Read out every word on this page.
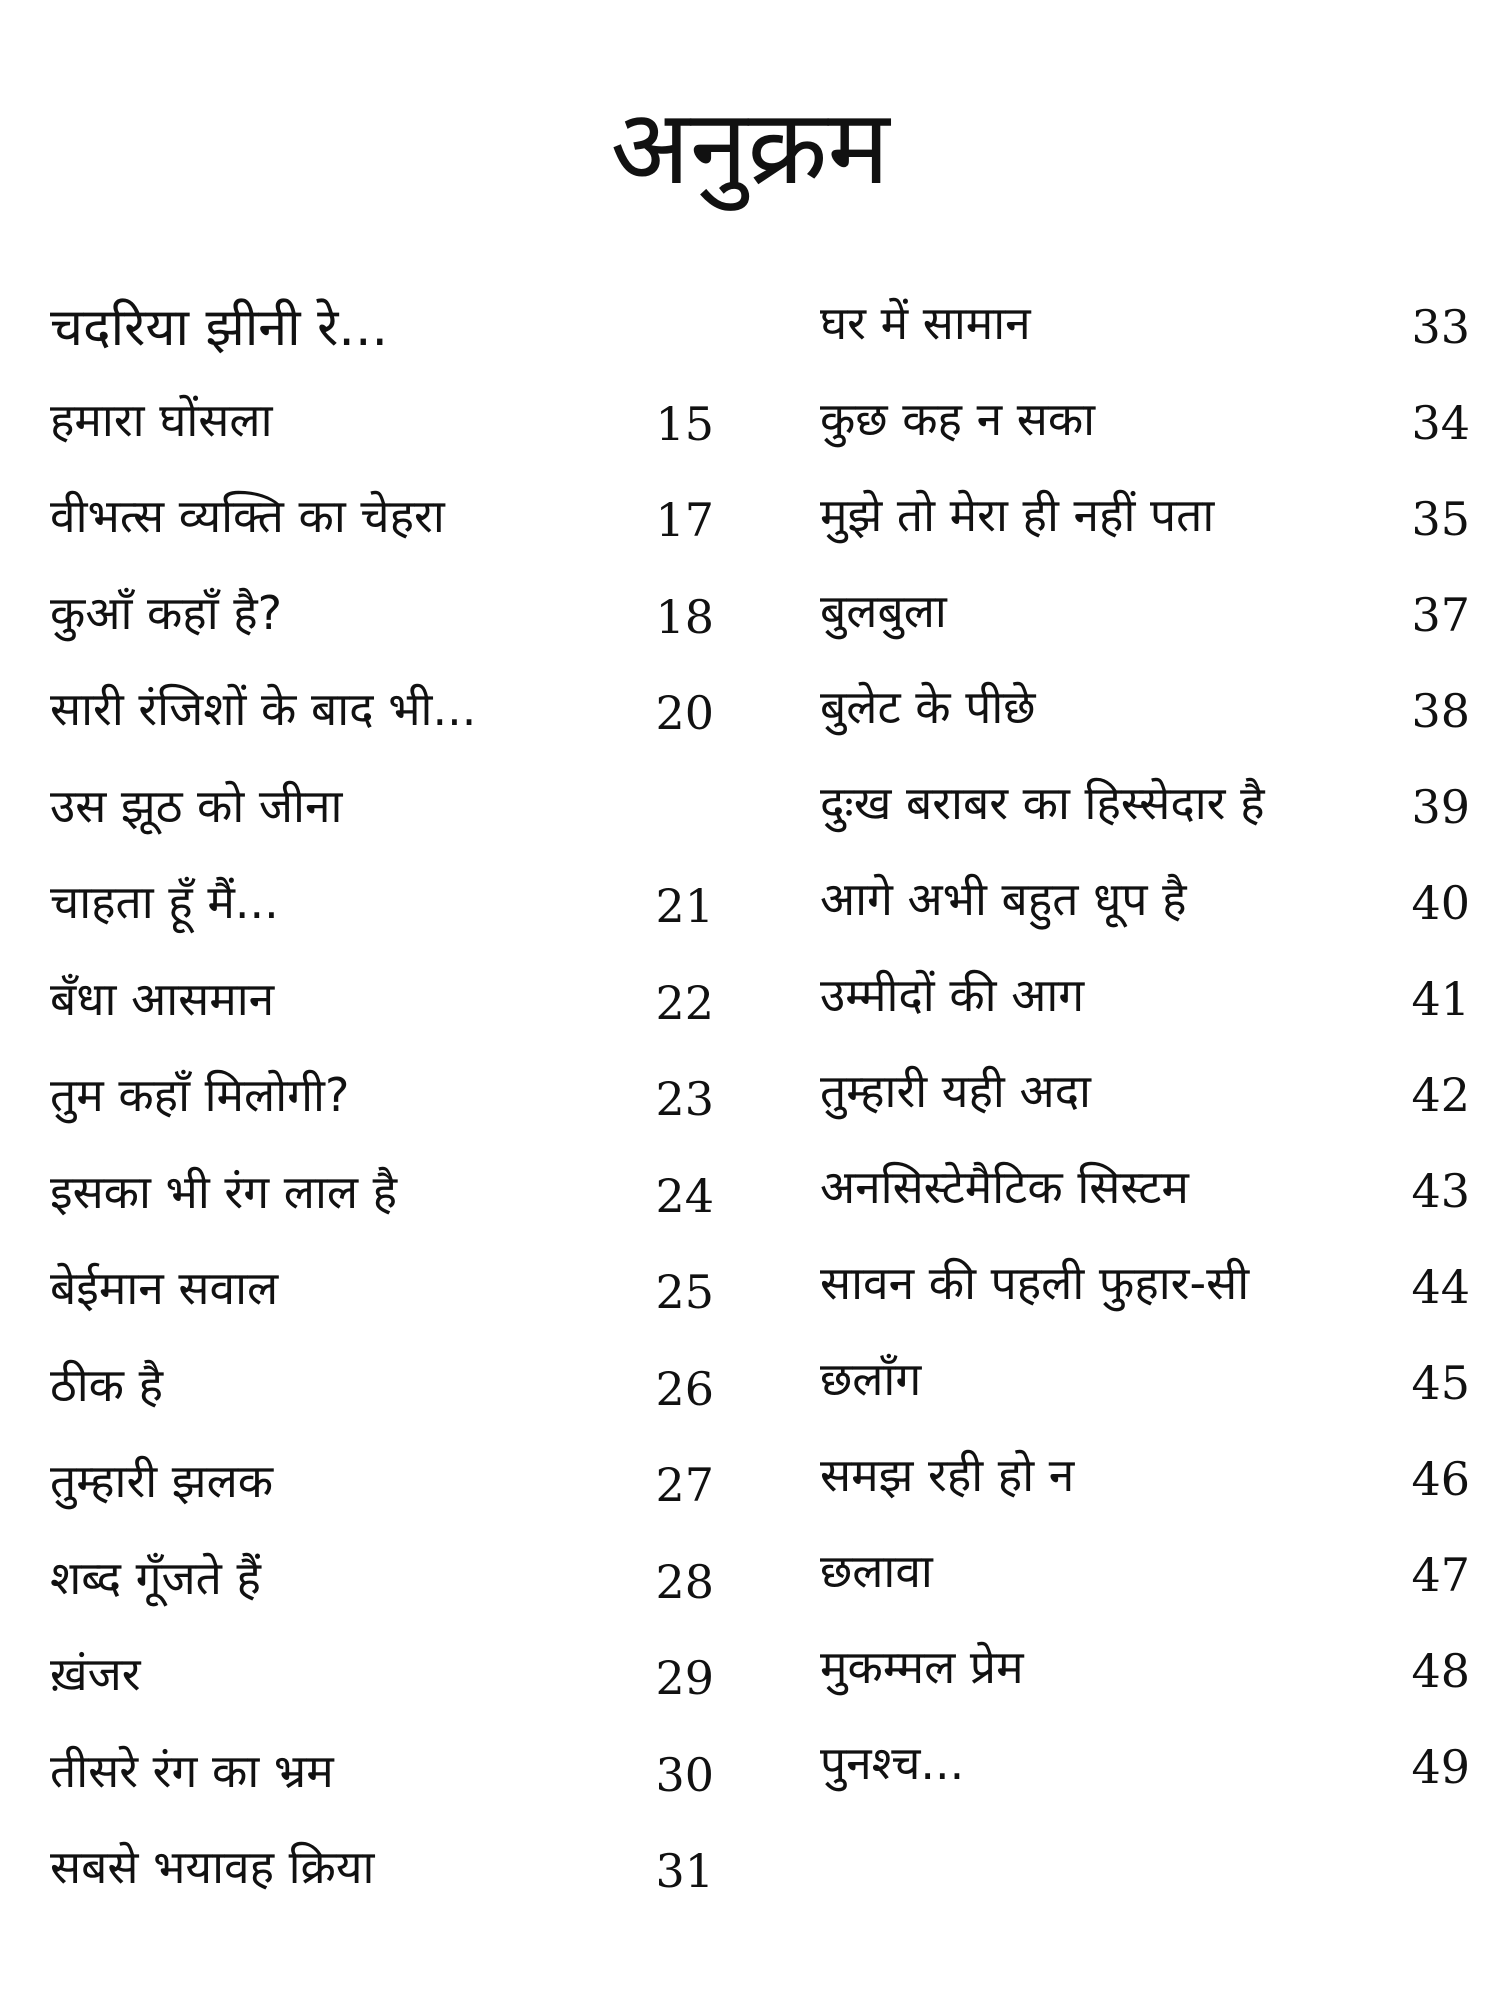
अनुक्रम
चदरिया झीनी रे...
हमारा घोंसला	15
वीभत्स व्यक्ति का चेहरा	17
कुआँ कहाँ है?	18
सारी रंजिशों के बाद भी...	20
उस झूठ को जीना
चाहता हूँ मैं...	21
बँधा आसमान	22
तुम कहाँ मिलोगी?	23
इसका भी रंग लाल है	24
बेईमान सवाल	25
ठीक है	26
तुम्हारी झलक	27
शब्द गूँजते हैं	28
ख़ंजर	29
तीसरे रंग का भ्रम	30
सबसे भयावह क्रिया	31
घर में सामान	33
कुछ कह न सका	34
मुझे तो मेरा ही नहीं पता	35
बुलबुला	37
बुलेट के पीछे	38
दुःख बराबर का हिस्सेदार है	39
आगे अभी बहुत धूप है	40
उम्मीदों की आग	41
तुम्हारी यही अदा	42
अनसिस्टेमैटिक सिस्टम	43
सावन की पहली फुहार-सी	44
छलाँग	45
समझ रही हो न	46
छलावा	47
मुकम्मल प्रेम	48
पुनश्च...	49
